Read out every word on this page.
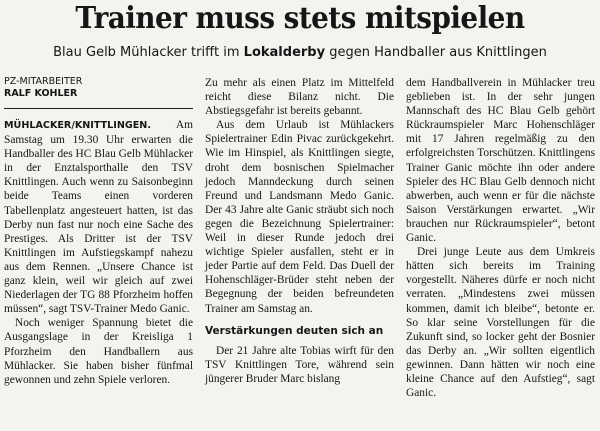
Trainer muss stets mitspielen
Blau Gelb Mühlacker trifft im Lokalderby gegen Handballer aus Knittlingen
PZ-MITARBEITER
RALF KOHLER

MÜHLACKER/KNITTLINGEN. Am Samstag um 19.30 Uhr erwarten die Handballer des HC Blau Gelb Mühlacker in der Enztalsporthalle den TSV Knittlingen. Auch wenn zu Saisonbeginn beide Teams einen vorderen Tabellenplatz angesteuert hatten, ist das Derby nun fast nur noch eine Sache des Prestiges. Als Dritter ist der TSV Knittlingen im Aufstiegskampf nahezu aus dem Rennen. „Unsere Chance ist ganz klein, weil wir gleich auf zwei Niederlagen der TG 88 Pforzheim hoffen müssen“, sagt TSV-Trainer Medo Ganic.

Noch weniger Spannung bietet die Ausgangslage in der Kreisliga 1 Pforzheim den Handballern aus Mühlacker. Sie haben bisher fünfmal gewonnen und zehn Spiele verloren.

Zu mehr als einen Platz im Mittelfeld reicht diese Bilanz nicht. Die Abstiegsgefahr ist bereits gebannt.

Aus dem Urlaub ist Mühlackers Spielertrainer Edin Pivac zurückgekehrt. Wie im Hinspiel, als Knittlingen siegte, droht dem bosnischen Spielmacher jedoch Manndeckung durch seinen Freund und Landsmann Medo Ganic. Der 43 Jahre alte Ganic sträubt sich noch gegen die Bezeichnung Spielertrainer: Weil in dieser Runde jedoch drei wichtige Spieler ausfallen, steht er in jeder Partie auf dem Feld. Das Duell der Hohenschläger-Brüder steht neben der Begegnung der beiden befreundeten Trainer am Samstag an.

Verstärkungen deuten sich an

Der 21 Jahre alte Tobias wirft für den TSV Knittlingen Tore, während sein jüngerer Bruder Marc bislang

dem Handballverein in Mühlacker treu geblieben ist. In der sehr jungen Mannschaft des HC Blau Gelb gehört Rückraumspieler Marc Hohenschläger mit 17 Jahren regelmäßig zu den erfolgreichsten Torschützen. Knittlingens Trainer Ganic möchte ihn oder andere Spieler des HC Blau Gelb dennoch nicht abwerben, auch wenn er für die nächste Saison Verstärkungen erwartet. „Wir brauchen nur Rückraumspieler“, betont Ganic.

Drei junge Leute aus dem Umkreis hätten sich bereits im Training vorgestellt. Näheres dürfe er noch nicht verraten. „Mindestens zwei müssen kommen, damit ich bleibe“, betonte er. So klar seine Vorstellungen für die Zukunft sind, so locker geht der Bosnier das Derby an. „Wir sollten eigentlich gewinnen. Dann hätten wir noch eine kleine Chance auf den Aufstieg“, sagt Ganic.
